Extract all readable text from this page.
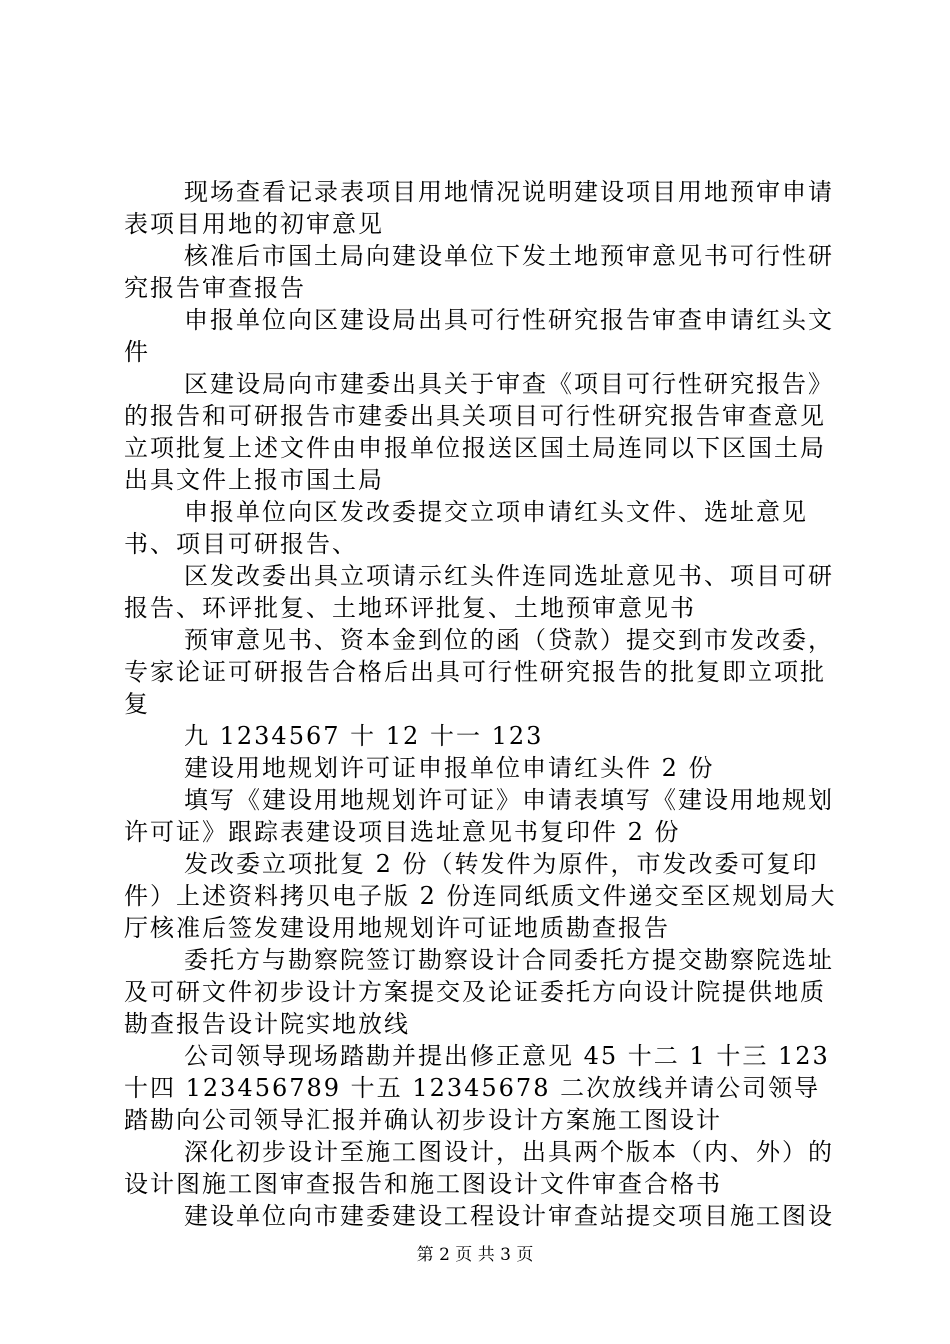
现场查看记录表项目用地情况说明建设项目用地预审申请表项目用地的初审意见

核准后市国土局向建设单位下发土地预审意见书可行性研究报告审查报告

申报单位向区建设局出具可行性研究报告审查申请红头文件

区建设局向市建委出具关于审查《项目可行性研究报告》的报告和可研报告市建委出具关项目可行性研究报告审查意见立项批复上述文件由申报单位报送区国土局连同以下区国土局出具文件上报市国土局

申报单位向区发改委提交立项申请红头文件、选址意见书、项目可研报告、

区发改委出具立项请示红头件连同选址意见书、项目可研报告、环评批复、土地环评批复、土地预审意见书

预审意见书、资本金到位的函（贷款）提交到市发改委，专家论证可研报告合格后出具可行性研究报告的批复即立项批复

九 1234567 十 12 十一 123

建设用地规划许可证申报单位申请红头件 2 份

填写《建设用地规划许可证》申请表填写《建设用地规划许可证》跟踪表建设项目选址意见书复印件 2 份

发改委立项批复 2 份（转发件为原件，市发改委可复印件）上述资料拷贝电子版 2 份连同纸质文件递交至区规划局大厅核准后签发建设用地规划许可证地质勘查报告

委托方与勘察院签订勘察设计合同委托方提交勘察院选址及可研文件初步设计方案提交及论证委托方向设计院提供地质勘查报告设计院实地放线

公司领导现场踏勘并提出修正意见 45 十二 1 十三 123 十四 123456789 十五 12345678 二次放线并请公司领导踏勘向公司领导汇报并确认初步设计方案施工图设计

深化初步设计至施工图设计，出具两个版本（内、外）的设计图施工图审查报告和施工图设计文件审查合格书

建设单位向市建委建设工程设计审查站提交项目施工图设

第 2 页 共 3 页
